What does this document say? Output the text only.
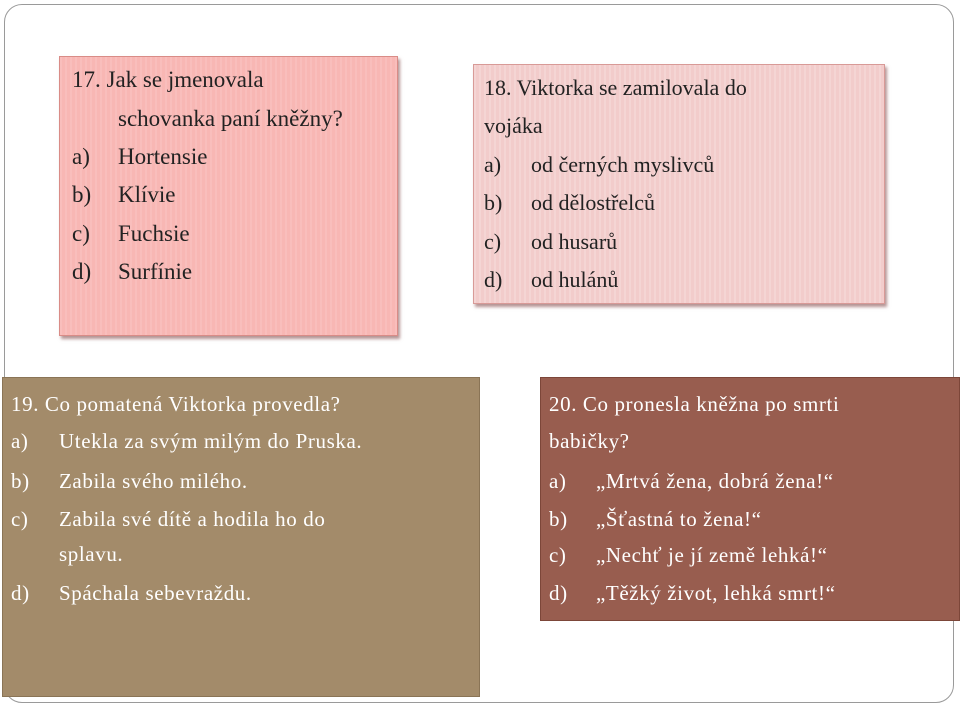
17. Jak se jmenovala
schovanka paní kněžny?
a) Hortensie
b) Klívie
c) Fuchsie
d) Surfínie
18. Viktorka se zamilovala do
vojáka
a) od černých myslivců
b) od dělostřelců
c) od husarů
d) od hulánů
19. Co pomatená Viktorka provedla?
a) Utekla za svým milým do Pruska.
b) Zabila svého milého.
c) Zabila své dítě a hodila ho do
splavu.
d) Spáchala sebevraždu.
20. Co pronesla kněžna po smrti
babičky?
a) „Mrtvá žena, dobrá žena!“
b) „Šťastná to žena!“
c) „Nechť je jí země lehká!“
d) „Těžký život, lehká smrt!“
